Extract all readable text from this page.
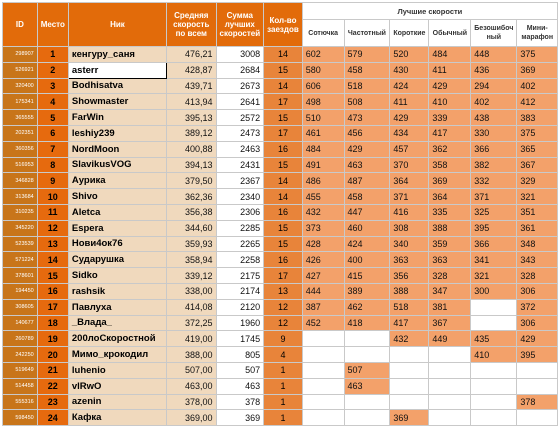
ID	Место	Ник	Средняя скорость по всем	Сумма лучших скоростей	Кол-во заездов	Лучшие скорости					
						Сотючка	Частотный	Короткие	Обычный	Безошибоч ный	Мини- марафон
298907	1	кенгуру_саня	476,21	3008	14	602	579	520	484	448	375
526921	2	asterr	428,87	2684	15	580	458	430	411	436	369
320400	3	Bodhisatva	439,71	2673	14	606	518	424	429	294	402
175341	4	Showmaster	413,94	2641	17	498	508	411	410	402	412
365555	5	FarWin	395,13	2572	15	510	473	429	339	438	383
202351	6	leshiy239	389,12	2473	17	461	456	434	417	330	375
360356	7	NordMoon	400,88	2463	16	484	429	457	362	366	365
516953	8	SlavikusVOG	394,13	2431	15	491	463	370	358	382	367
346828	9	Аурика	379,50	2367	14	486	487	364	369	332	329
313684	10	Shivo	362,36	2340	14	455	458	371	364	371	321
310235	11	Aletca	356,38	2306	16	432	447	416	335	325	351
345220	12	Espera	344,60	2285	15	373	460	308	388	395	361
523539	13	Нови4ок76	359,93	2265	15	428	424	340	359	366	348
571224	14	Сударушка	358,94	2258	16	426	400	363	363	341	343
378601	15	Sidko	339,12	2175	17	427	415	356	328	321	328
194450	16	rashsik	338,00	2174	13	444	389	388	347	300	306
308605	17	Павлуха	414,08	2120	12	387	462	518	381		372
140677	18	_Влада_	372,25	1960	12	452	418	417	367		306
260789	19	200лоСкоростной	419,00	1745	9			432	449	435	429
242250	20	Мимо_крокодил	388,00	805	4					410	395
519649	21	luhenio	507,00	507	1		507				
514458	22	vlRwO	463,00	463	1		463				
555316	23	azenin	378,00	378	1						378
598450	24	Кафка	369,00	369	1			369			
